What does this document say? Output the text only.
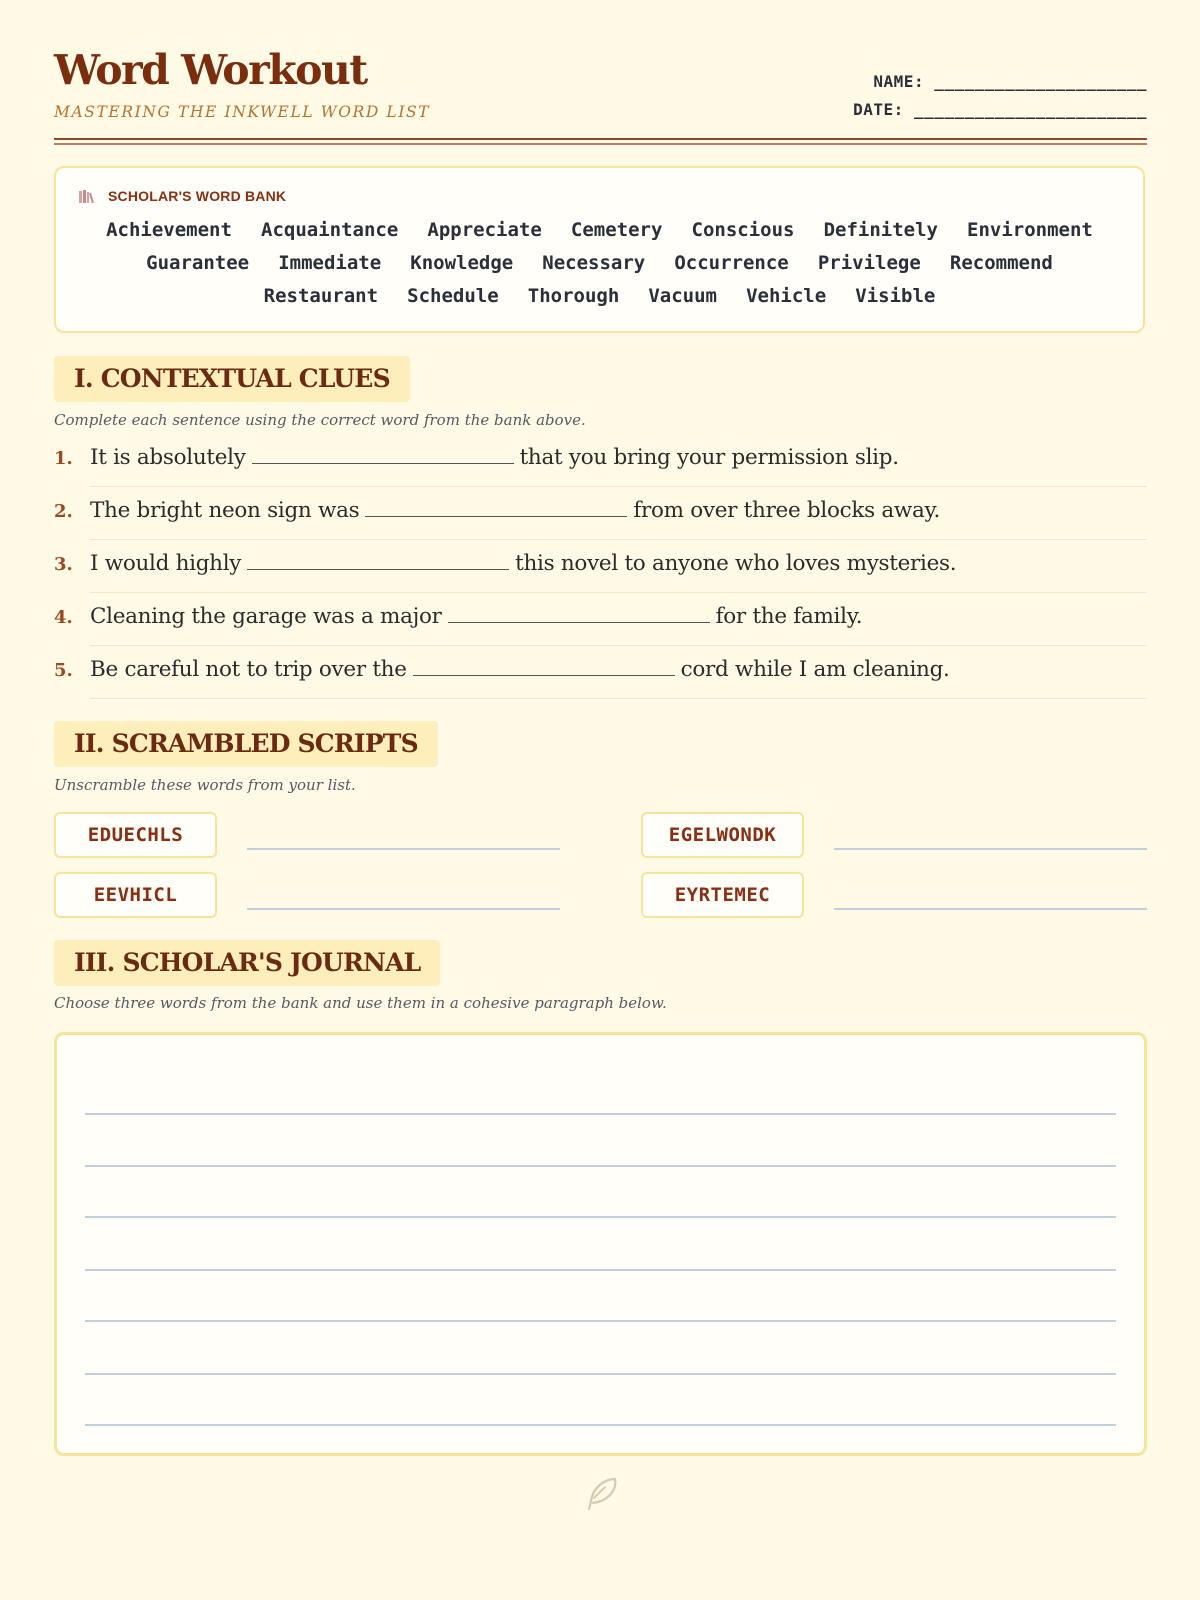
Word Workout

MASTERING THE INKWELL WORD LIST

NAME: _____________________
DATE: _______________________
SCHOLAR'S WORD BANK
Achievement Acquaintance Appreciate Cemetery Conscious Definitely Environment Guarantee Immediate Knowledge Necessary Occurrence Privilege Recommend Restaurant Schedule Thorough Vacuum Vehicle Visible
I. CONTEXTUAL CLUES
Complete each sentence using the correct word from the bank above.
1. It is absolutely	that you bring your permission slip.
2. The bright neon sign was	from over three blocks away.
3. I would highly	this novel to anyone who loves mysteries.
4. Cleaning the garage was a major	for the family.
5. Be careful not to trip over the	cord while I am cleaning.
II. SCRAMBLED SCRIPTS
Unscramble these words from your list.
EDUECHLS	EGELWONDK
EEVHICL	EYRTEMEC
III. SCHOLAR'S JOURNAL
Choose three words from the bank and use them in a cohesive paragraph below.
